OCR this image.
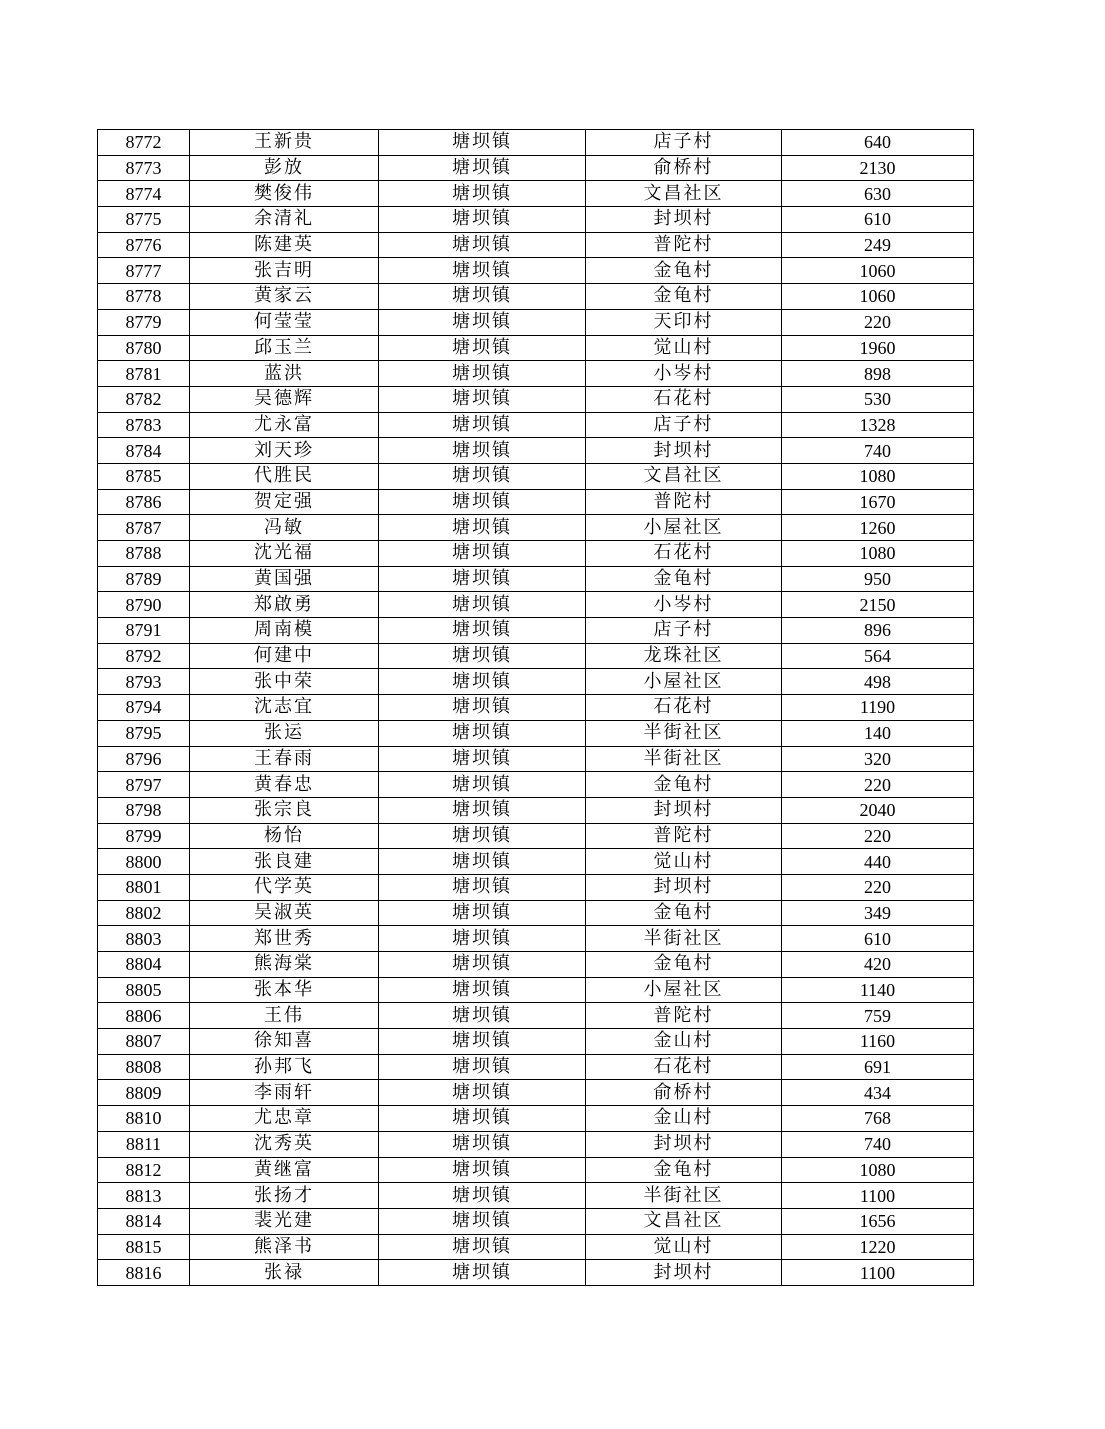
8772	王新贵	塘坝镇	店子村	640
8773	彭放	塘坝镇	俞桥村	2130
8774	樊俊伟	塘坝镇	文昌社区	630
8775	余清礼	塘坝镇	封坝村	610
8776	陈建英	塘坝镇	普陀村	249
8777	张吉明	塘坝镇	金龟村	1060
8778	黄家云	塘坝镇	金龟村	1060
8779	何莹莹	塘坝镇	天印村	220
8780	邱玉兰	塘坝镇	觉山村	1960
8781	蓝洪	塘坝镇	小岑村	898
8782	吴德辉	塘坝镇	石花村	530
8783	尤永富	塘坝镇	店子村	1328
8784	刘天珍	塘坝镇	封坝村	740
8785	代胜民	塘坝镇	文昌社区	1080
8786	贺定强	塘坝镇	普陀村	1670
8787	冯敏	塘坝镇	小屋社区	1260
8788	沈光福	塘坝镇	石花村	1080
8789	黄国强	塘坝镇	金龟村	950
8790	郑啟勇	塘坝镇	小岑村	2150
8791	周南模	塘坝镇	店子村	896
8792	何建中	塘坝镇	龙珠社区	564
8793	张中荣	塘坝镇	小屋社区	498
8794	沈志宜	塘坝镇	石花村	1190
8795	张运	塘坝镇	半街社区	140
8796	王春雨	塘坝镇	半街社区	320
8797	黄春忠	塘坝镇	金龟村	220
8798	张宗良	塘坝镇	封坝村	2040
8799	杨怡	塘坝镇	普陀村	220
8800	张良建	塘坝镇	觉山村	440
8801	代学英	塘坝镇	封坝村	220
8802	吴淑英	塘坝镇	金龟村	349
8803	郑世秀	塘坝镇	半街社区	610
8804	熊海棠	塘坝镇	金龟村	420
8805	张本华	塘坝镇	小屋社区	1140
8806	王伟	塘坝镇	普陀村	759
8807	徐知喜	塘坝镇	金山村	1160
8808	孙邦飞	塘坝镇	石花村	691
8809	李雨轩	塘坝镇	俞桥村	434
8810	尤忠章	塘坝镇	金山村	768
8811	沈秀英	塘坝镇	封坝村	740
8812	黄继富	塘坝镇	金龟村	1080
8813	张扬才	塘坝镇	半街社区	1100
8814	裴光建	塘坝镇	文昌社区	1656
8815	熊泽书	塘坝镇	觉山村	1220
8816	张禄	塘坝镇	封坝村	1100
